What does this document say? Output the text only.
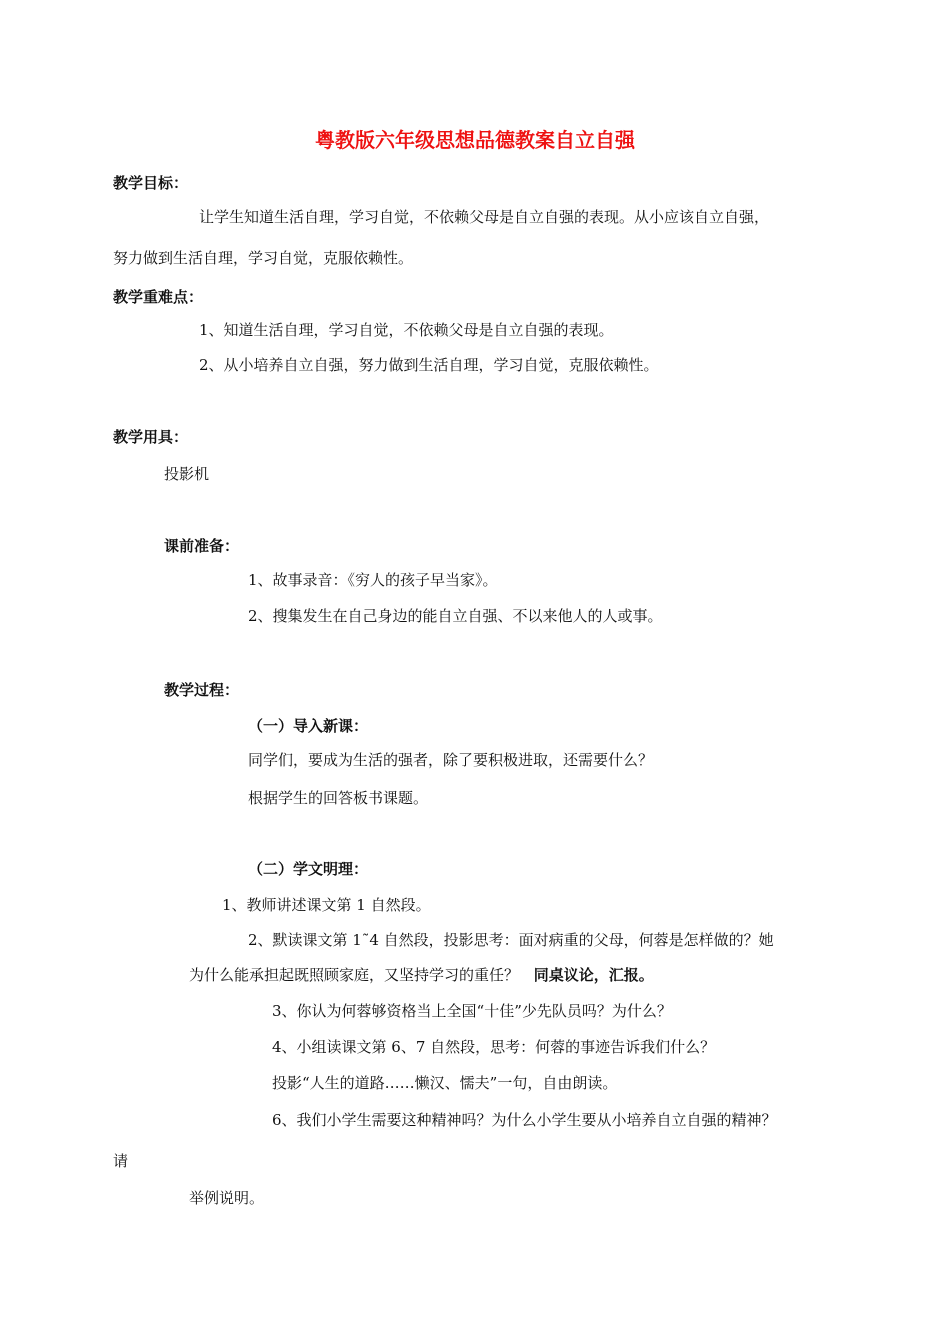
粤教版六年级思想品德教案自立自强
教学目标：
让学生知道生活自理，学习自觉，不依赖父母是自立自强的表现。从小应该自立自强，
努力做到生活自理，学习自觉，克服依赖性。
教学重难点：
1、知道生活自理，学习自觉，不依赖父母是自立自强的表现。
2、从小培养自立自强，努力做到生活自理，学习自觉，克服依赖性。
教学用具：
投影机
课前准备：
1、故事录音：《穷人的孩子早当家》。
2、搜集发生在自己身边的能自立自强、不以来他人的人或事。
教学过程：
（一）导入新课：
同学们，要成为生活的强者，除了要积极进取，还需要什么？
根据学生的回答板书课题。
（二）学文明理：
1、教师讲述课文第 1 自然段。
2、默读课文第 1˜4 自然段，投影思考：面对病重的父母，何蓉是怎样做的？她
为什么能承担起既照顾家庭，又坚持学习的重任？ 同桌议论，汇报。
3、你认为何蓉够资格当上全国“十佳”少先队员吗？为什么？
4、小组读课文第 6、7 自然段，思考：何蓉的事迹告诉我们什么？
投影“人生的道路……懒汉、懦夫”一句，自由朗读。
6、我们小学生需要这种精神吗？为什么小学生要从小培养自立自强的精神？
请
举例说明。
